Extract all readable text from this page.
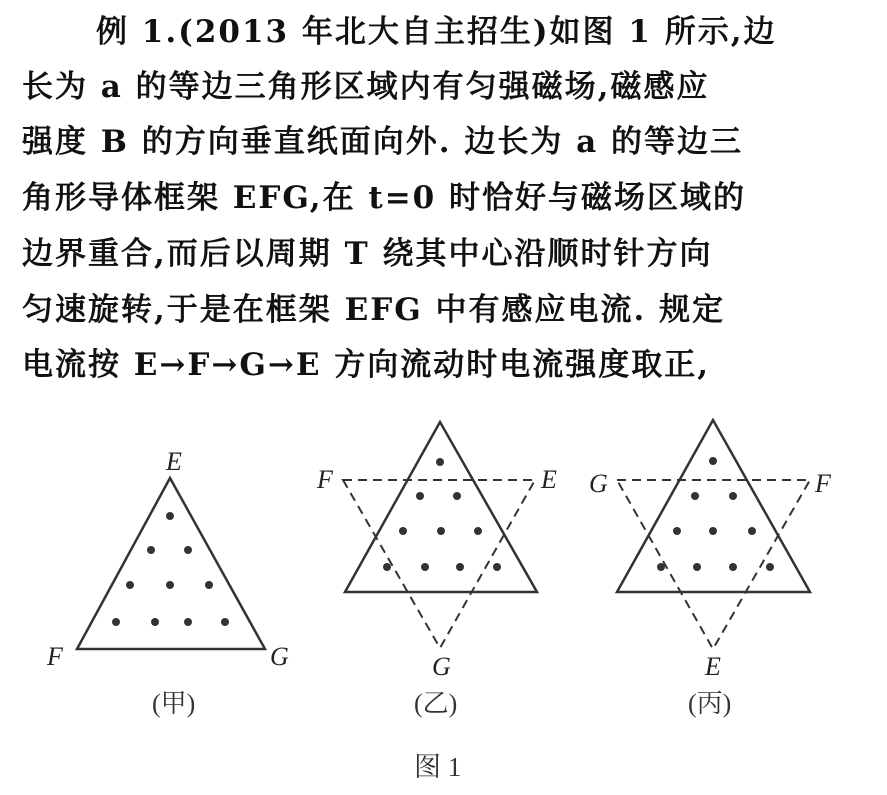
例 1.(2013 年北大自主招生)如图 1 所示,边
长为 a 的等边三角形区域内有匀强磁场,磁感应
强度 B 的方向垂直纸面向外. 边长为 a 的等边三
角形导体框架 EFG,在 t=0 时恰好与磁场区域的
边界重合,而后以周期 T 绕其中心沿顺时针方向
匀速旋转,于是在框架 EFG 中有感应电流. 规定
电流按 E→F→G→E 方向流动时电流强度取正,
E
F	G
(甲)
F	E
G
(乙)
G	F
E
(丙)
图 1
